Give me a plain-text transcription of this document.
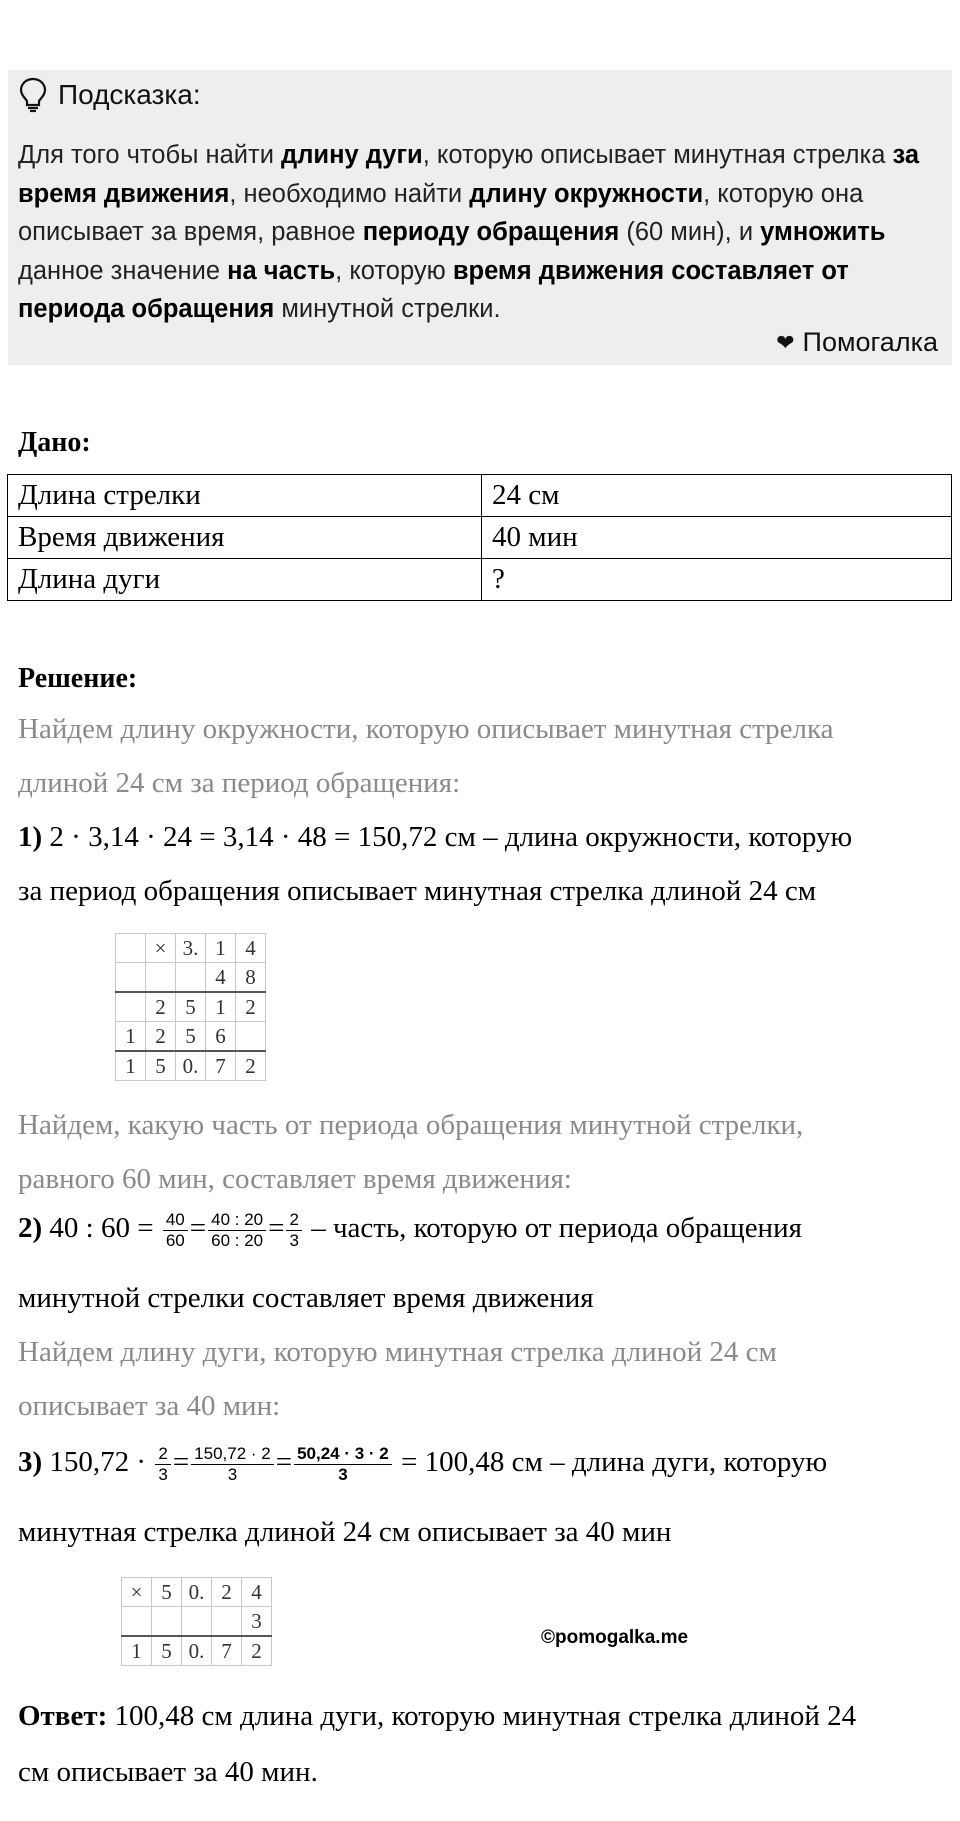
Подсказка:
Для того чтобы найти длину дуги, которую описывает минутная стрелка за время движения, необходимо найти длину окружности, которую она описывает за время, равное периоду обращения (60 мин), и умножить данное значение на часть, которую время движения составляет от периода обращения минутной стрелки.
❤ Помогалка
Дано:
Длина стрелки	24 см
Время движения	40 мин
Длина дуги	?
Решение:
Найдем длину окружности, которую описывает минутная стрелка
длиной 24 см за период обращения:
1) 2 · 3,14 · 24 = 3,14 · 48 = 150,72 см – длина окружности, которую
за период обращения описывает минутная стрелка длиной 24 см
	×	3.	1	4
			4	8
	2	5	1	2
1	2	5	6	
1	5	0.	7	2
Найдем, какую часть от периода обращения минутной стрелки,
равного 60 мин, составляет время движения:
2) 40 : $60 = \frac{40}{60} = \frac{40 : 20}{60 : 20} = \frac{2}{3}$ – часть, которую от периода обращения
минутной стрелки составляет время движения
Найдем длину дуги, которую минутная стрелка длиной 24 см
описывает за 40 мин:
3) $150,72 \cdot \frac{2}{3} = \frac{150,72 \cdot 2}{3} = \frac{50,24 \cdot 3 \cdot 2}{3} = 100,48$ см – длина дуги, которую
минутная стрелка длиной 24 см описывает за 40 мин
×	5	0.	2	4
				3
1	5	0.	7	2
©pomogalka.me
Ответ: 100,48 см длина дуги, которую минутная стрелка длиной 24
см описывает за 40 мин.
